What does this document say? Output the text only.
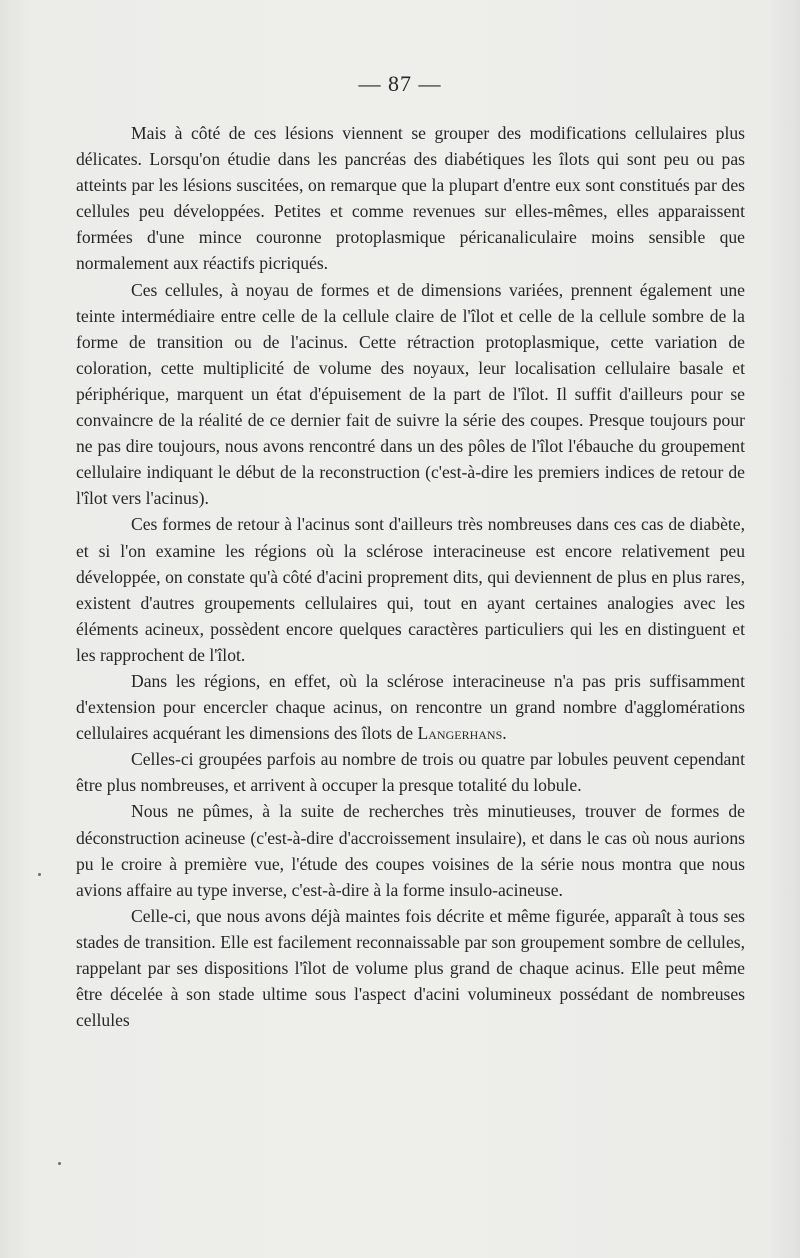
— 87 —

Mais à côté de ces lésions viennent se grouper des modifications cellulaires plus délicates. Lorsqu'on étudie dans les pancréas des diabétiques les îlots qui sont peu ou pas atteints par les lésions suscitées, on remarque que la plupart d'entre eux sont constitués par des cellules peu développées. Petites et comme revenues sur elles-mêmes, elles apparaissent formées d'une mince couronne protoplasmique péricanaliculaire moins sensible que normalement aux réactifs picriqués.

Ces cellules, à noyau de formes et de dimensions variées, prennent également une teinte intermédiaire entre celle de la cellule claire de l'îlot et celle de la cellule sombre de la forme de transition ou de l'acinus. Cette rétraction protoplasmique, cette variation de coloration, cette multiplicité de volume des noyaux, leur localisation cellulaire basale et périphérique, marquent un état d'épuisement de la part de l'îlot. Il suffit d'ailleurs pour se convaincre de la réalité de ce dernier fait de suivre la série des coupes. Presque toujours pour ne pas dire toujours, nous avons rencontré dans un des pôles de l'îlot l'ébauche du groupement cellulaire indiquant le début de la reconstruction (c'est-à-dire les premiers indices de retour de l'îlot vers l'acinus).

Ces formes de retour à l'acinus sont d'ailleurs très nombreuses dans ces cas de diabète, et si l'on examine les régions où la sclérose interacineuse est encore relativement peu développée, on constate qu'à côté d'acini proprement dits, qui deviennent de plus en plus rares, existent d'autres groupements cellulaires qui, tout en ayant certaines analogies avec les éléments acineux, possèdent encore quelques caractères particuliers qui les en distinguent et les rapprochent de l'îlot.

Dans les régions, en effet, où la sclérose interacineuse n'a pas pris suffisamment d'extension pour encercler chaque acinus, on rencontre un grand nombre d'agglomérations cellulaires acquérant les dimensions des îlots de Langerhans.

Celles-ci groupées parfois au nombre de trois ou quatre par lobules peuvent cependant être plus nombreuses, et arrivent à occuper la presque totalité du lobule.

Nous ne pûmes, à la suite de recherches très minutieuses, trouver de formes de déconstruction acineuse (c'est-à-dire d'accroissement insulaire), et dans le cas où nous aurions pu le croire à première vue, l'étude des coupes voisines de la série nous montra que nous avions affaire au type inverse, c'est-à-dire à la forme insulo-acineuse.

Celle-ci, que nous avons déjà maintes fois décrite et même figurée, apparaît à tous ses stades de transition. Elle est facilement reconnaissable par son groupement sombre de cellules, rappelant par ses dispositions l'îlot de volume plus grand de chaque acinus. Elle peut même être décelée à son stade ultime sous l'aspect d'acini volumineux possédant de nombreuses cellules
